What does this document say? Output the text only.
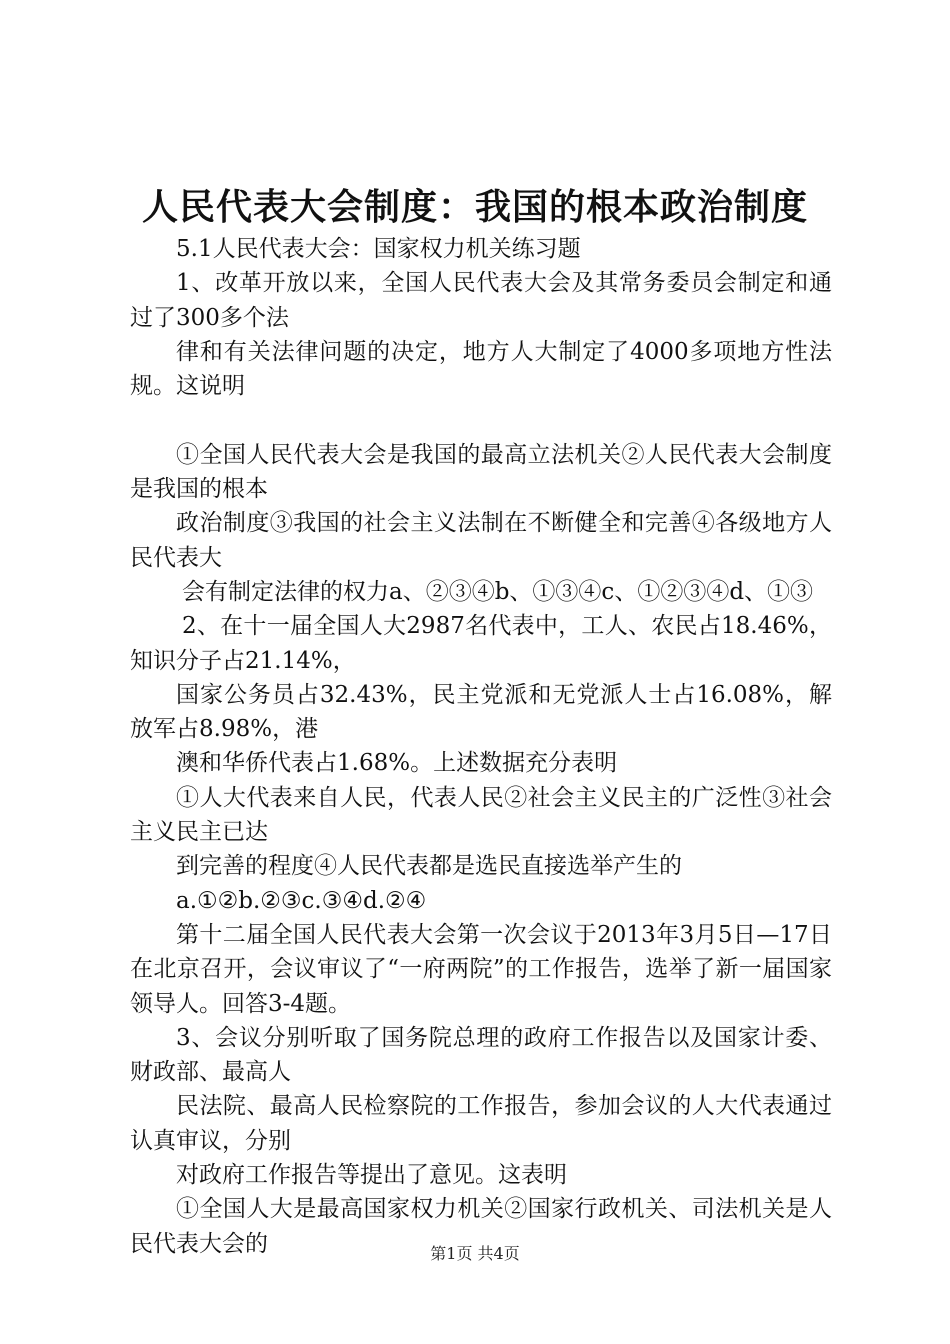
人民代表大会制度：我国的根本政治制度

5.1人民代表大会：国家权力机关练习题

1、改革开放以来，全国人民代表大会及其常务委员会制定和通过了300多个法

律和有关法律问题的决定，地方人大制定了4000多项地方性法规。这说明

①全国人民代表大会是我国的最高立法机关②人民代表大会制度是我国的根本

政治制度③我国的社会主义法制在不断健全和完善④各级地方人民代表大

会有制定法律的权力a、②③④b、①③④c、①②③④d、①③

2、在十一届全国人大2987名代表中，工人、农民占18.46%，知识分子占21.14%，

国家公务员占32.43%，民主党派和无党派人士占16.08%，解放军占8.98%，港

澳和华侨代表占1.68%。上述数据充分表明

①人大代表来自人民，代表人民②社会主义民主的广泛性③社会主义民主已达

到完善的程度④人民代表都是选民直接选举产生的

a.①②b.②③c.③④d.②④

第十二届全国人民代表大会第一次会议于2013年3月5日—17日在北京召开，会议审议了“一府两院”的工作报告，选举了新一届国家领导人。回答3-4题。

3、会议分别听取了国务院总理的政府工作报告以及国家计委、财政部、最高人

民法院、最高人民检察院的工作报告，参加会议的人大代表通过认真审议，分别

对政府工作报告等提出了意见。这表明

①全国人大是最高国家权力机关②国家行政机关、司法机关是人民代表大会的	第1页 共4页
